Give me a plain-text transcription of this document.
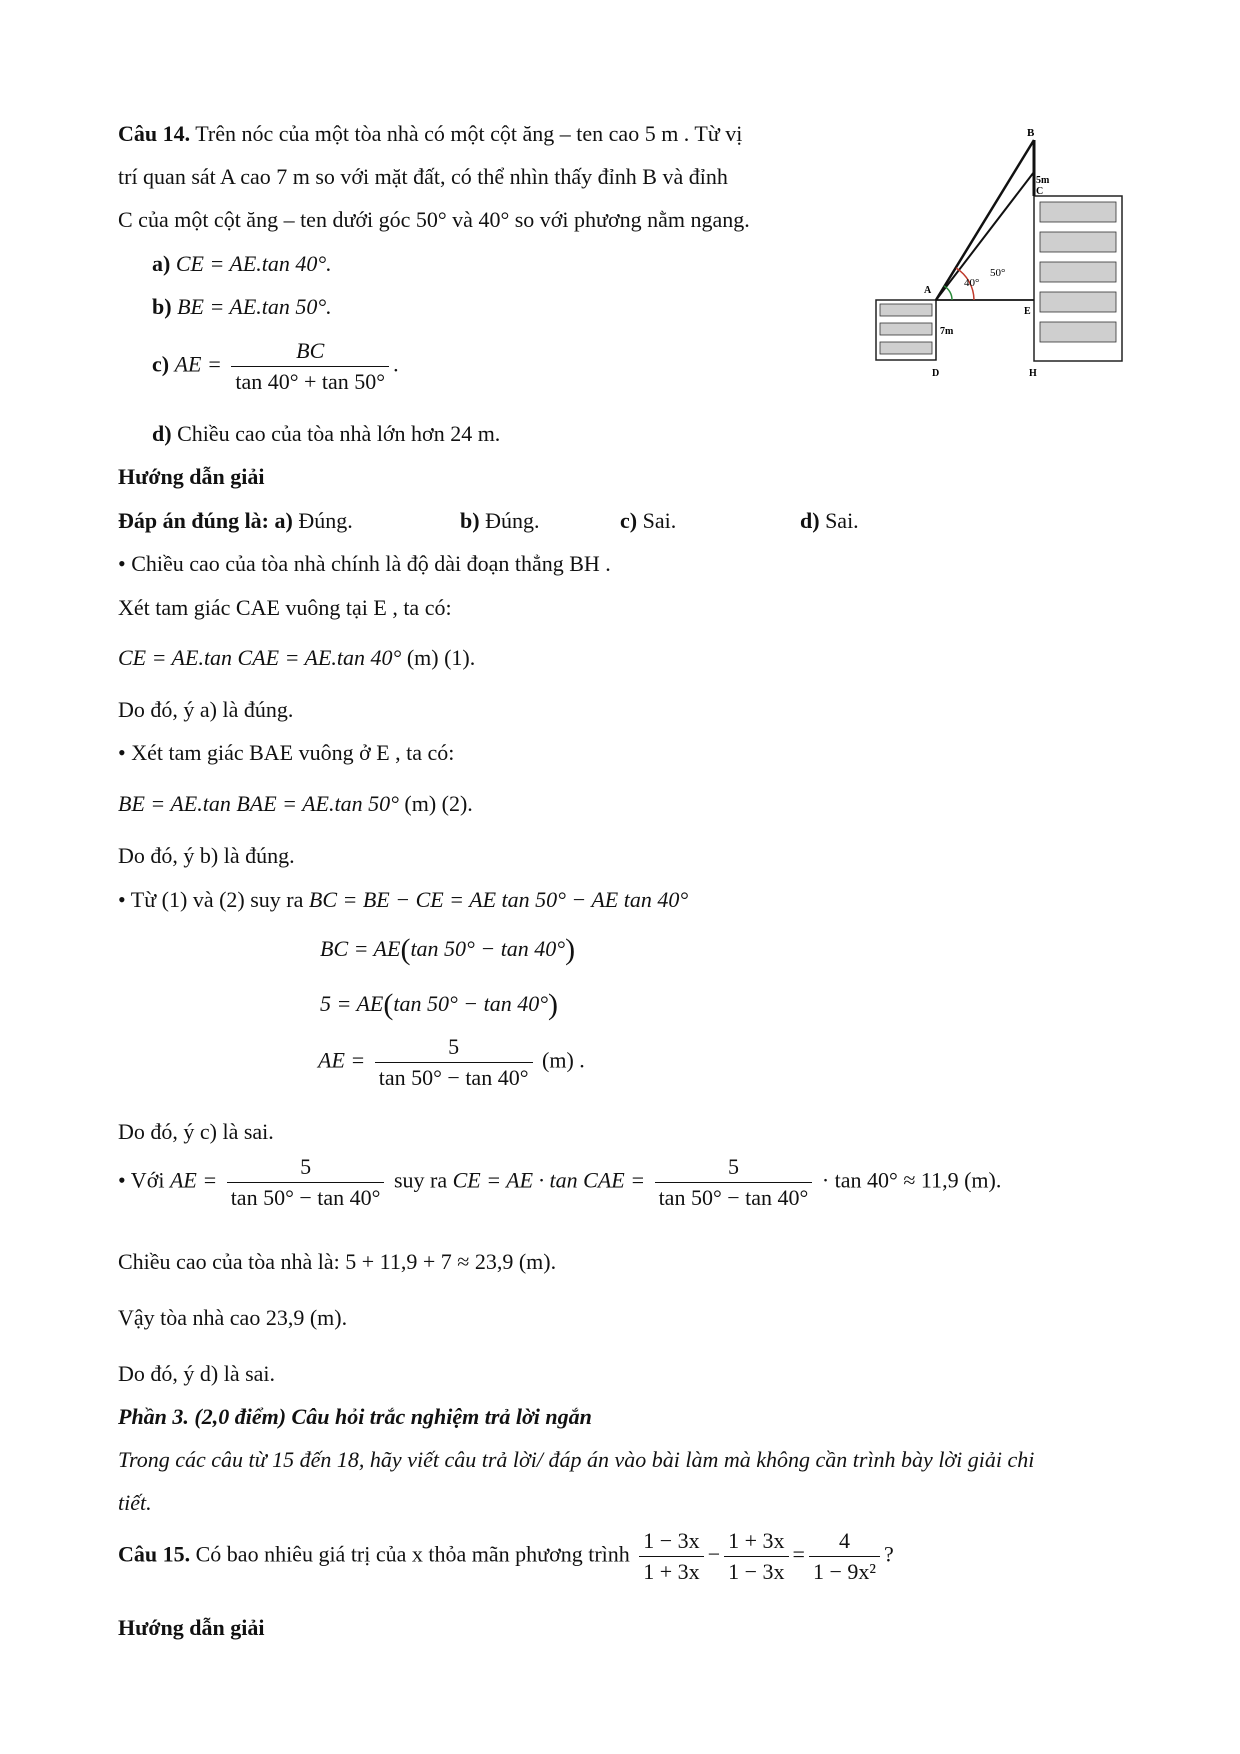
Câu 14. Trên nóc của một tòa nhà có một cột ăng – ten cao 5 m . Từ vị
trí quan sát A cao 7 m so với mặt đất, có thể nhìn thấy đỉnh B và đỉnh
C của một cột ăng – ten dưới góc 50° và 40° so với phương nằm ngang.
a) CE = AE.tan 40°.
b) BE = AE.tan 50°.
c) AE = $\frac{BC}{\tan 40^\circ + \tan 50^\circ}$ .
d) Chiều cao của tòa nhà lớn hơn 24 m.
B
5m
C
A
E
7m
D	H
40°
50°
Hướng dẫn giải
Đáp án đúng là: a) Đúng.	b) Đúng.	c) Sai.	d) Sai.
• Chiều cao của tòa nhà chính là độ dài đoạn thẳng BH .
Xét tam giác CAE vuông tại E , ta có:
CE = AE.tan CAE = AE.tan 40° (m) (1).
Do đó, ý a) là đúng.
• Xét tam giác BAE vuông ở E , ta có:
BE = AE.tan BAE = AE.tan 50° (m) (2).
Do đó, ý b) là đúng.
• Từ (1) và (2) suy ra BC = BE − CE = AE tan 50° − AE tan 40°
BC = AE(tan 50° − tan 40°)
5 = AE(tan 50° − tan 40°)
AE = $\frac{5}{\tan 50^\circ - \tan 40^\circ} (m)$ .
Do đó, ý c) là sai.
• Với AE = $\frac{5}{\tan 50^\circ - \tan 40^\circ}$ suy ra CE = AE · tan CAE = $\frac{5}{\tan 50^\circ - \tan 40^\circ} \cdot \tan 40^\circ \approx 11,9$ (m).
Chiều cao của tòa nhà là: 5 + 11,9 + 7 ≈ 23,9 (m).
Vậy tòa nhà cao 23,9 (m).
Do đó, ý d) là sai.
Phần 3. (2,0 điểm) Câu hỏi trắc nghiệm trả lời ngắn
Trong các câu từ 15 đến 18, hãy viết câu trả lời/ đáp án vào bài làm mà không cần trình bày lời giải chi
tiết.
Câu 15. Có bao nhiêu giá trị của x thỏa mãn phương trình $\frac{1 - 3x}{1 + 3x} - \frac{1 + 3x}{1 - 3x} = \frac{4}{\text{1 − 9x²}}$ ?
Hướng dẫn giải
